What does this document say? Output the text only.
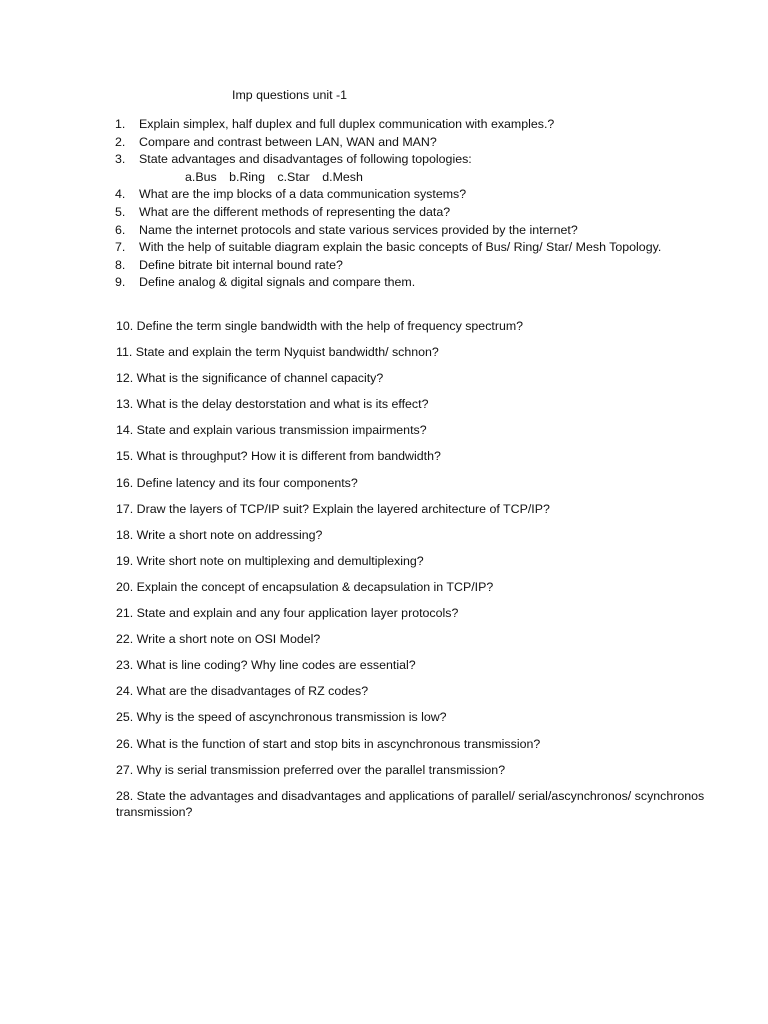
Imp questions unit -1
1. Explain simplex, half duplex and full duplex communication with examples.?
2. Compare and contrast between LAN, WAN and MAN?
3. State advantages and disadvantages of following topologies:
a.Bus b.Ring c.Star d.Mesh
4. What are the imp blocks of a data communication systems?
5. What are the different methods of representing the data?
6. Name the internet protocols and state various services provided by the internet?
7. With the help of suitable diagram explain the basic concepts of Bus/ Ring/ Star/ Mesh Topology.
8. Define bitrate bit internal bound rate?
9. Define analog & digital signals and compare them.
10. Define the term single bandwidth with the help of frequency spectrum?
11. State and explain the term Nyquist bandwidth/ schnon?
12. What is the significance of channel capacity?
13. What is the delay destorstation and what is its effect?
14. State and explain various transmission impairments?
15. What is throughput? How it is different from bandwidth?
16. Define latency and its four components?
17. Draw the layers of TCP/IP suit? Explain the layered architecture of TCP/IP?
18. Write a short note on addressing?
19. Write short note on multiplexing and demultiplexing?
20. Explain the concept of encapsulation & decapsulation in TCP/IP?
21. State and explain and any four application layer protocols?
22. Write a short note on OSI Model?
23. What is line coding? Why line codes are essential?
24. What are the disadvantages of RZ codes?
25. Why is the speed of ascynchronous transmission is low?
26. What is the function of start and stop bits in ascynchronous transmission?
27. Why is serial transmission preferred over the parallel transmission?
28. State the advantages and disadvantages and applications of parallel/ serial/ascynchronos/ scynchronos transmission?
